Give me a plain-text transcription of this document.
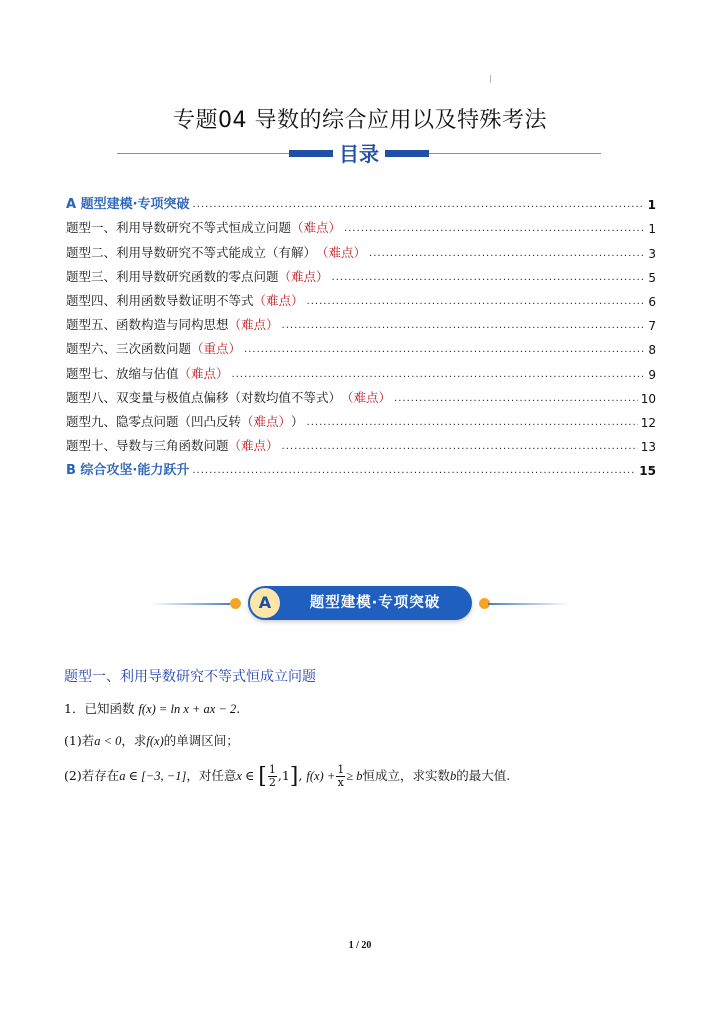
|
专题04 导数的综合应用以及特殊考法
目录
A 题型建模·专项突破 .....	1
题型一、利用导数研究不等式恒成立问题 （难点） .....	1
题型二、利用导数研究不等式能成立（有解） （难点） .....	3
题型三、利用导数研究函数的零点问题 （难点） .....	5
题型四、利用函数导数证明不等式 （难点） .....	6
题型五、函数构造与同构思想 （难点） .....	7
题型六、三次函数问题 （重点） .....	8
题型七、放缩与估值 （难点） .....	9
题型八、双变量与极值点偏移（对数均值不等式） （难点） .....	10
题型九、隐零点问题（凹凸反转 （难点） ） .....	12
题型十、导数与三角函数问题 （难点） .....	13
B 综合攻坚·能力跃升 .....	15
A	题型建模·专项突破
题型一、利用导数研究不等式恒成立问题
1．已知函数 f(x) = ln x + ax − 2.
(1)若a < 0，求f(x)的单调区间；
(2)若存在a ∈ [−3, −1]，对任意x ∈ [ $\frac{1}{2} ,1$], $f(x) + \frac{1}{x} \ge b$恒成立，求实数b的最大值.
1 / 20
